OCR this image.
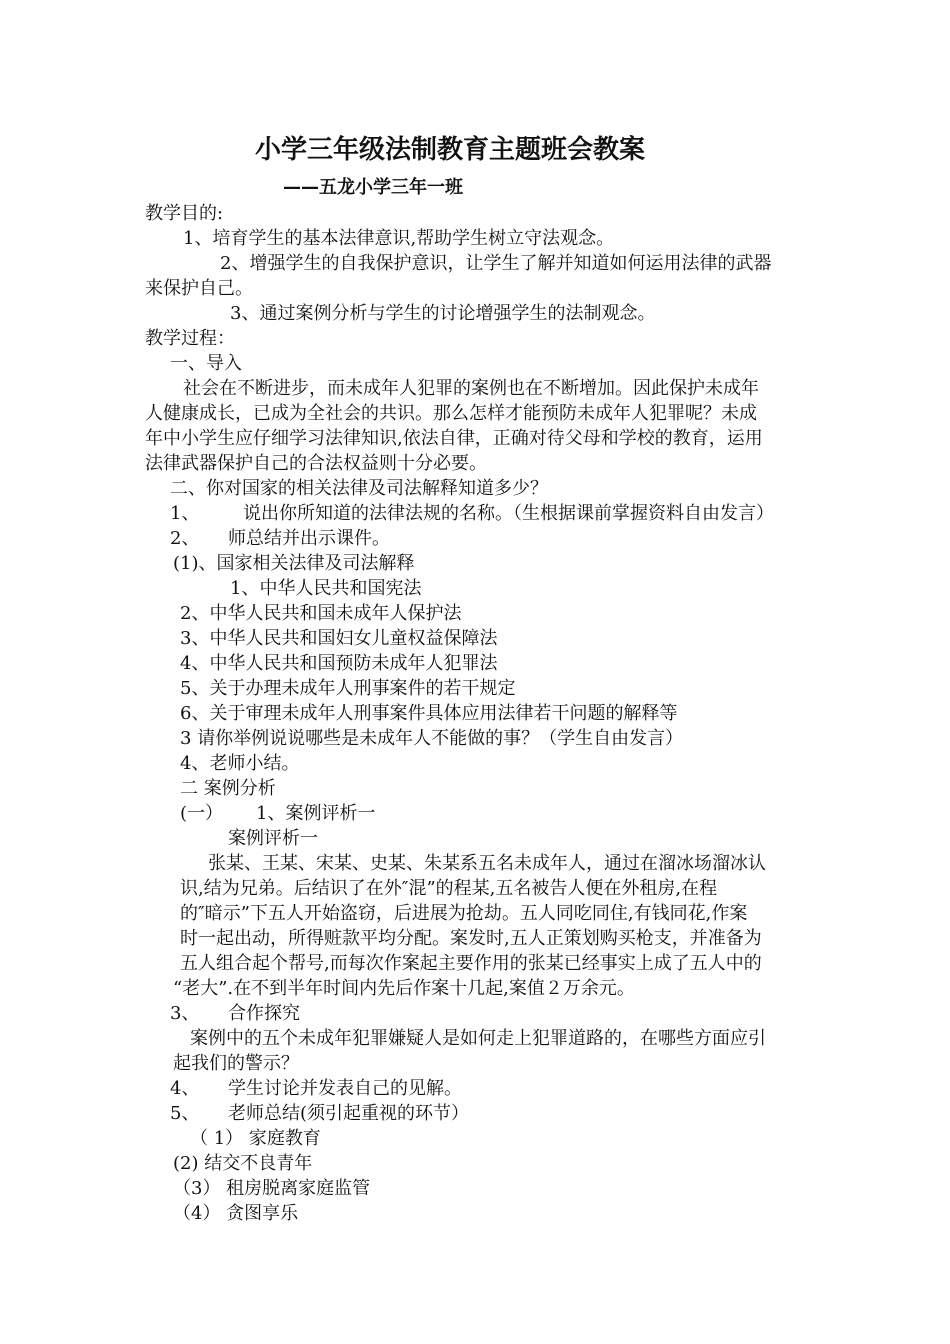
小学三年级法制教育主题班会教案
——五龙小学三年一班
教学目的:
1、培育学生的基本法律意识,帮助学生树立守法观念。
2、增强学生的自我保护意识，让学生了解并知道如何运用法律的武器
来保护自己。
3、通过案例分析与学生的讨论增强学生的法制观念。
教学过程：
一、导入
社会在不断进步，而未成年人犯罪的案例也在不断增加。因此保护未成年
人健康成长，已成为全社会的共识。那么怎样才能预防未成年人犯罪呢？未成
年中小学生应仔细学习法律知识,依法自律，正确对待父母和学校的教育，运用
法律武器保护自己的合法权益则十分必要。
二、你对国家的相关法律及司法解释知道多少？
1、 说出你所知道的法律法规的名称。（生根据课前掌握资料自由发言）
2、 师总结并出示课件。
(1)、国家相关法律及司法解释
1、中华人民共和国宪法
2、中华人民共和国未成年人保护法
3、中华人民共和国妇女儿童权益保障法
4、中华人民共和国预防未成年人犯罪法
5、关于办理未成年人刑事案件的若干规定
6、关于审理未成年人刑事案件具体应用法律若干问题的解释等
3 请你举例说说哪些是未成年人不能做的事？（学生自由发言）
4、老师小结。
二 案例分析
(一） 1、案例评析一
案例评析一
张某、王某、宋某、史某、朱某系五名未成年人，通过在溜冰场溜冰认
识,结为兄弟。后结识了在外″混”的程某,五名被告人便在外租房,在程
的″暗示”下五人开始盗窃，后进展为抢劫。五人同吃同住,有钱同花,作案
时一起出动，所得赃款平均分配。案发时,五人正策划购买枪支，并准备为
五人组合起个帮号,而每次作案起主要作用的张某已经事实上成了五人中的
“老大”.在不到半年时间内先后作案十几起,案值２万余元。
3、 合作探究
案例中的五个未成年犯罪嫌疑人是如何走上犯罪道路的，在哪些方面应引
起我们的警示？
4、 学生讨论并发表自己的见解。
5、 老师总结(须引起重视的环节）
（ 1） 家庭教育
(2) 结交不良青年
（3） 租房脱离家庭监管
（4） 贪图享乐
